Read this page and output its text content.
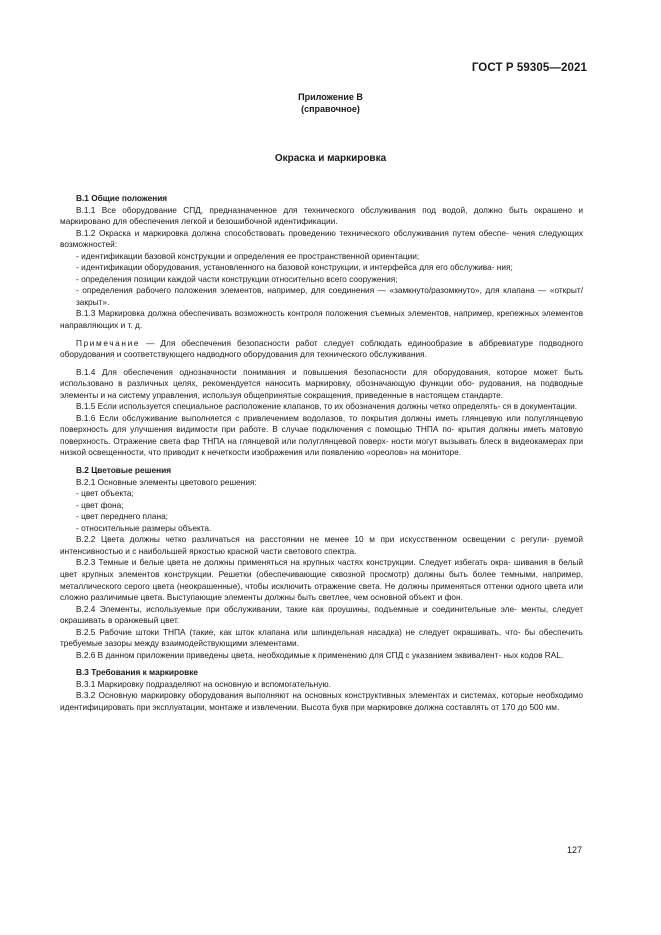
ГОСТ Р 59305—2021
Приложение В
(справочное)
Окраска и маркировка

В.1 Общие положения

В.1.1 Все оборудование СПД, предназначенное для технического обслуживания под водой, должно быть окрашено и маркировано для обеспечения легкой и безошибочной идентификации.

В.1.2 Окраска и маркировка должна способствовать проведению технического обслуживания путем обеспе- чения следующих возможностей:

- идентификации базовой конструкции и определения ее пространственной ориентации;

- идентификации оборудования, установленного на базовой конструкции, и интерфейса для его обслужива- ния;

- определения позиции каждой части конструкции относительно всего сооружения;

- определения рабочего положения элементов, например, для соединения — «замкнуто/разомкнуто», для клапана — «открыт/закрыт».

В.1.3 Маркировка должна обеспечивать возможность контроля положения съемных элементов, например, крепежных элементов направляющих и т. д.

Примечание — Для обеспечения безопасности работ следует соблюдать единообразие в аббревиатуре подводного оборудования и соответствующего надводного оборудования для технического обслуживания.

В.1.4 Для обеспечения однозначности понимания и повышения безопасности для оборудования, которое может быть использовано в различных целях, рекомендуется наносить маркировку, обозначающую функции обо- рудования, на подводные элементы и на систему управления, используя общепринятые сокращения, приведенные в настоящем стандарте.

В.1.5 Если используется специальное расположение клапанов, то их обозначения должны четко определять- ся в документации.

В.1.6 Если обслуживание выполняется с привлечением водолазов, то покрытия должны иметь глянцевую или полуглянцевую поверхность для улучшения видимости при работе. В случае подключения с помощью ТНПА по- крытия должны иметь матовую поверхность. Отражение света фар ТНПА на глянцевой или полуглянцевой поверх- ности могут вызывать блеск в видеокамерах при низкой освещенности, что приводит к нечеткости изображения или появлению «ореолов» на мониторе.

В.2 Цветовые решения

В.2.1 Основные элементы цветового решения:

- цвет объекта;

- цвет фона;

- цвет переднего плана;

- относительные размеры объекта.

В.2.2 Цвета должны четко различаться на расстоянии не менее 10 м при искусственном освещении с регули- руемой интенсивностью и с наибольшей яркостью красной части светового спектра.

В.2.3 Темные и белые цвета не должны применяться на крупных частях конструкции. Следует избегать окра- шивания в белый цвет крупных элементов конструкции. Решетки (обеспечивающие сквозной просмотр) должны быть более темными, например, металлического серого цвета (неокрашенные), чтобы исключить отражение света. Не должны применяться оттенки одного цвета или сложно различимые цвета. Выступающие элементы должны быть светлее, чем основной объект и фон.

В.2.4 Элементы, используемые при обслуживании, такие как проушины, подъемные и соединительные эле- менты, следует окрашивать в оранжевый цвет.

В.2.5 Рабочие штоки ТНПА (такие, как шток клапана или шпиндельная насадка) не следует окрашивать, что- бы обеспечить требуемые зазоры между взаимодействующими элементами.

В.2.6 В данном приложении приведены цвета, необходимые к применению для СПД с указанием эквивалент- ных кодов RAL.

В.3 Требования к маркировке

В.3.1 Маркировку подразделяют на основную и вспомогательную.

В.3.2 Основную маркировку оборудования выполняют на основных конструктивных элементах и системах, которые необходимо идентифицировать при эксплуатации, монтаже и извлечении. Высота букв при маркировке должна составлять от 170 до 500 мм.

127
